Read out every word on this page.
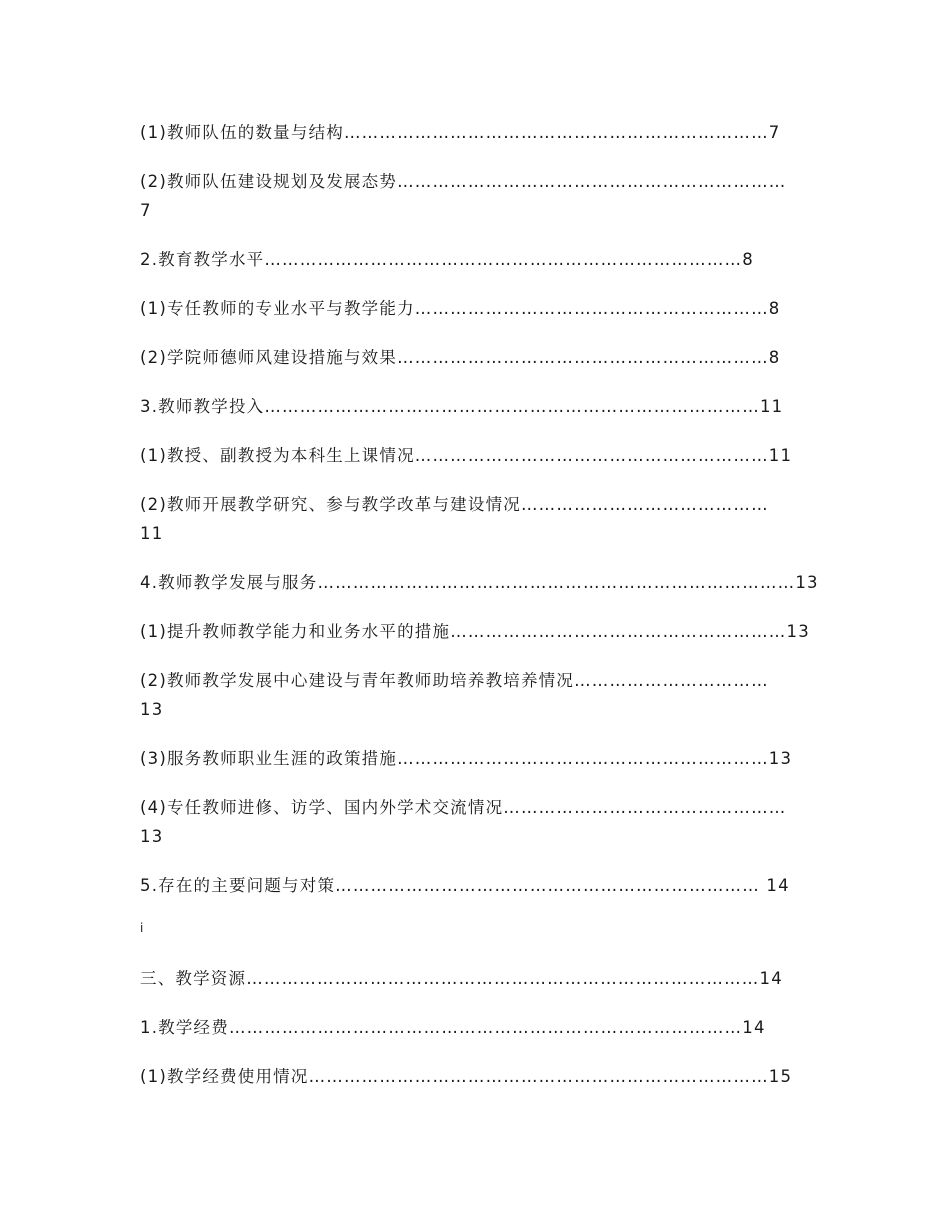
(1)教师队伍的数量与结构………………………………………………………………7

(2)教师队伍建设规划及发展态势…………………………………………………………
7

2.教育教学水平………………………………………………………………………8

(1)专任教师的专业水平与教学能力……………………………………………………8

(2)学院师德师风建设措施与效果………………………………………………………8

3.教师教学投入…………………………………………………………………………11

(1)教授、副教授为本科生上课情况……………………………………………………11

(2)教师开展教学研究、参与教学改革与建设情况……………………………………
11

4.教师教学发展与服务………………………………………………………………………13

(1)提升教师教学能力和业务水平的措施…………………………………………………13

(2)教师教学发展中心建设与青年教师助培养教培养情况……………………………
13

(3)服务教师职业生涯的政策措施………………………………………………………13

(4)专任教师进修、访学、国内外学术交流情况…………………………………………
13

5.存在的主要问题与对策……………………………………………………………… 14

i

三、教学资源……………………………………………………………………………14

1.教学经费……………………………………………………………………………14

(1)教学经费使用情况……………………………………………………………………15
